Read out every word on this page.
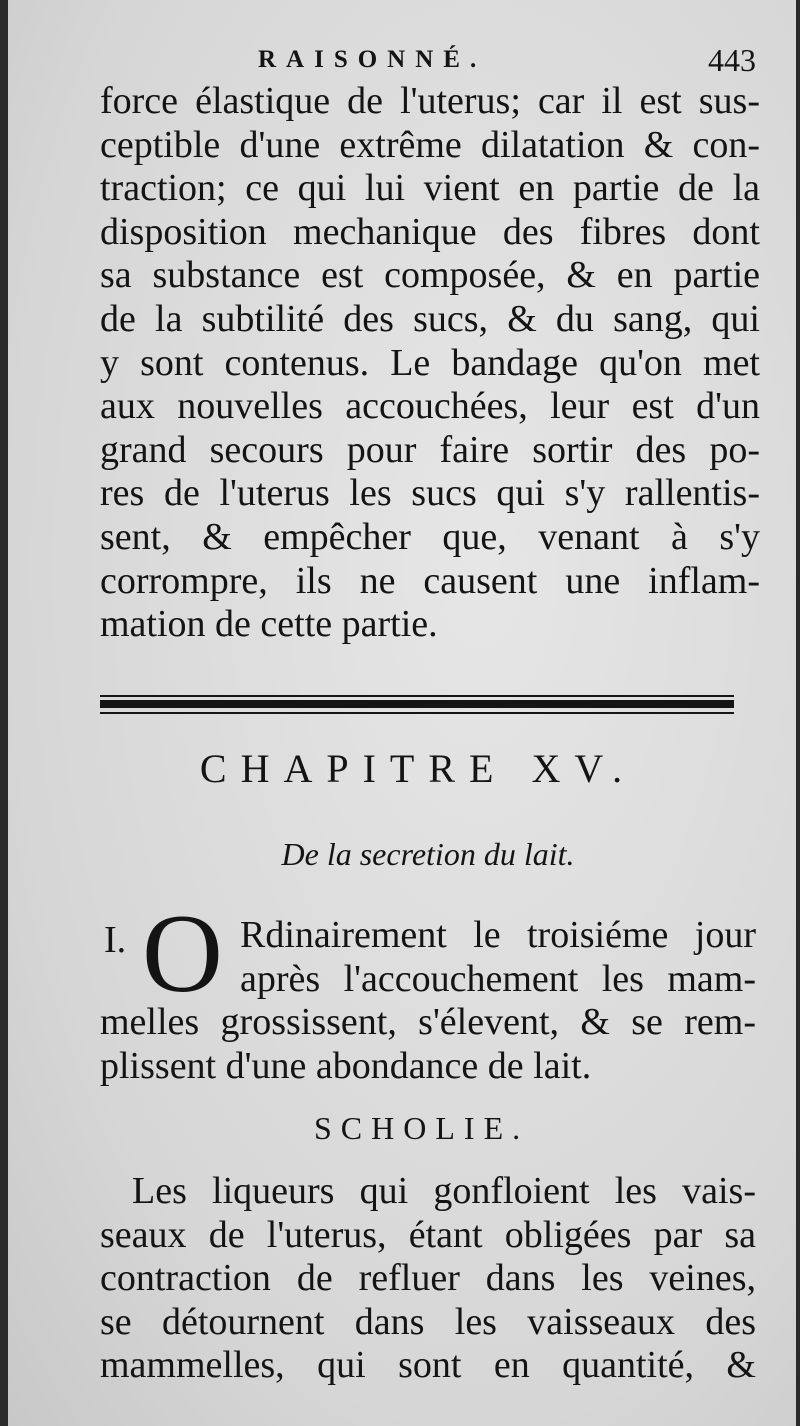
RAISONNÉ.	443
force élastique de l'uterus; car il est sus-
ceptible d'une extrême dilatation & con-
traction; ce qui lui vient en partie de la
disposition mechanique des fibres dont
sa substance est composée, & en partie
de la subtilité des sucs, & du sang, qui
y sont contenus. Le bandage qu'on met
aux nouvelles accouchées, leur est d'un
grand secours pour faire sortir des po-
res de l'uterus les sucs qui s'y rallentis-
sent, & empêcher que, venant à s'y
corrompre, ils ne causent une inflam-
mation de cette partie.
CHAPITRE XV.
De la secretion du lait.
I. O Rdinairement le troisiéme jour
après l'accouchement les mam-
melles grossissent, s'élevent, & se rem-
plissent d'une abondance de lait.
SCHOLIE.
Les liqueurs qui gonfloient les vais-
seaux de l'uterus, étant obligées par sa
contraction de refluer dans les veines,
se détournent dans les vaisseaux des
mammelles, qui sont en quantité, &
